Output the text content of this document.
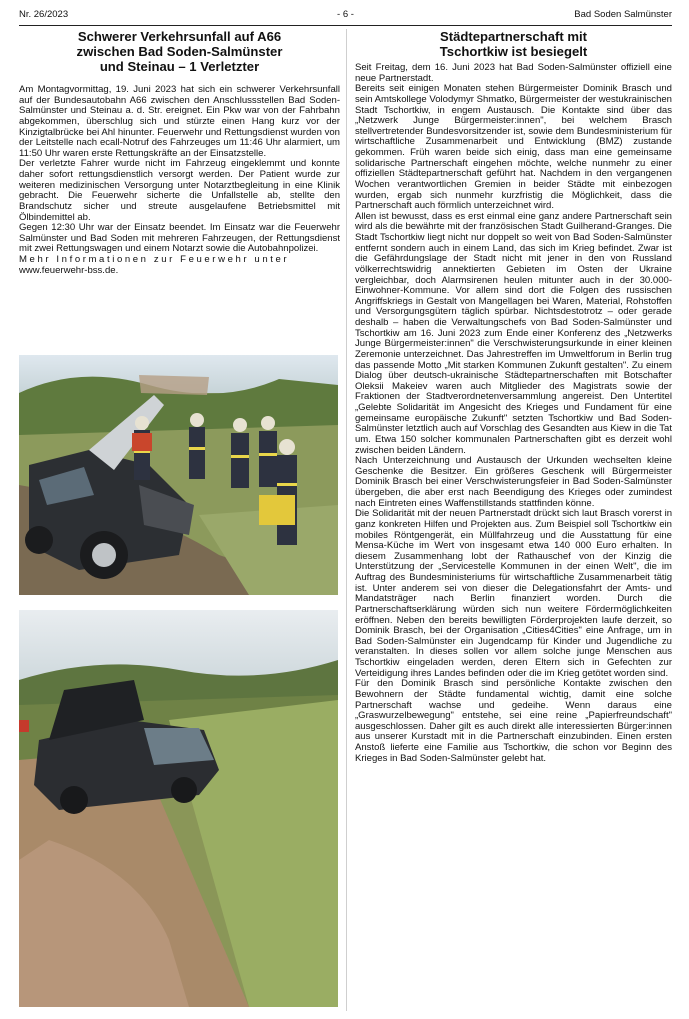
Nr. 26/2023	- 6 -	Bad Soden Salmünster
Schwerer Verkehrsunfall auf A66
zwischen Bad Soden-Salmünster
und Steinau – 1 Verletzter

Am Montagvormittag, 19. Juni 2023 hat sich ein schwerer Verkehrsunfall auf der Bundesautobahn A66 zwischen den Anschlussstellen Bad Soden-Salmünster und Steinau a. d. Str. ereignet. Ein Pkw war von der Fahrbahn abgekommen, überschlug sich und stürzte einen Hang kurz vor der Kinzigtalbrücke bei Ahl hinunter. Feuerwehr und Rettungsdienst wurden von der Leitstelle nach ecall-Notruf des Fahrzeuges um 11:46 Uhr alarmiert, um 11:50 Uhr waren erste Rettungskräfte an der Einsatzstelle.

Der verletzte Fahrer wurde nicht im Fahrzeug eingeklemmt und konnte daher sofort rettungsdienstlich versorgt werden. Der Patient wurde zur weiteren medizinischen Versorgung unter Notarztbegleitung in eine Klinik gebracht. Die Feuerwehr sicherte die Unfallstelle ab, stellte den Brandschutz sicher und streute ausgelaufene Betriebsmittel mit Ölbindemittel ab.

Gegen 12:30 Uhr war der Einsatz beendet. Im Einsatz war die Feuerwehr Salmünster und Bad Soden mit mehreren Fahrzeugen, der Rettungsdienst mit zwei Rettungswagen und einem Notarzt sowie die Autobahnpolizei.

Mehr Informationen zur Feuerwehr unter

www.feuerwehr-bss.de.

Städtepartnerschaft mit
Tschortkiw ist besiegelt

Seit Freitag, dem 16. Juni 2023 hat Bad Soden-Salmünster offiziell eine neue Partnerstadt.

Bereits seit einigen Monaten stehen Bürgermeister Dominik Brasch und sein Amtskollege Volodymyr Shmatko, Bürgermeister der westukrainischen Stadt Tschortkiw, in engem Austausch. Die Kontakte sind über das „Netzwerk Junge Bürgermeister:innen", bei welchem Brasch stellvertretender Bundesvorsitzender ist, sowie dem Bundesministerium für wirtschaftliche Zusammenarbeit und Entwicklung (BMZ) zustande gekommen. Früh waren beide sich einig, dass man eine gemeinsame solidarische Partnerschaft eingehen möchte, welche nunmehr zu einer offiziellen Städtepartnerschaft geführt hat. Nachdem in den vergangenen Wochen verantwortlichen Gremien in beider Städte mit einbezogen wurden, ergab sich nunmehr kurzfristig die Möglichkeit, dass die Partnerschaft auch förmlich unterzeichnet wird.

Allen ist bewusst, dass es erst einmal eine ganz andere Partnerschaft sein wird als die bewährte mit der französischen Stadt Guilherand-Granges. Die Stadt Tschortkiw liegt nicht nur doppelt so weit von Bad Soden-Salmünster entfernt sondern auch in einem Land, das sich im Krieg befindet. Zwar ist die Gefährdungslage der Stadt nicht mit jener in den von Russland völkerrechtswidrig annektierten Gebieten im Osten der Ukraine vergleichbar, doch Alarmsirenen heulen mitunter auch in der 30.000-Einwohner-Kommune. Vor allem sind dort die Folgen des russischen Angriffskriegs in Gestalt von Mangellagen bei Waren, Material, Rohstoffen und Versorgungsgütern täglich spürbar. Nichtsdestotrotz – oder gerade deshalb – haben die Verwaltungschefs von Bad Soden-Salmünster und Tschortkiw am 16. Juni 2023 zum Ende einer Konferenz des „Netzwerks Junge Bürgermeister:innen" die Verschwisterungsurkunde in einer kleinen Zeremonie unterzeichnet. Das Jahrestreffen im Umweltforum in Berlin trug das passende Motto „Mit starken Kommunen Zukunft gestalten". Zu einem Dialog über deutsch-ukrainische Städtepartnerschaften mit Botschafter Oleksii Makeiev waren auch Mitglieder des Magistrats sowie der Fraktionen der Stadtverordnetenversammlung angereist. Den Untertitel „Gelebte Solidarität im Angesicht des Krieges und Fundament für eine gemeinsame europäische Zukunft" setzten Tschortkiw und Bad Soden-Salmünster letztlich auch auf Vorschlag des Gesandten aus Kiew in die Tat um. Etwa 150 solcher kommunalen Partnerschaften gibt es derzeit wohl zwischen beiden Ländern.

Nach Unterzeichnung und Austausch der Urkunden wechselten kleine Geschenke die Besitzer. Ein größeres Geschenk will Bürgermeister Dominik Brasch bei einer Verschwisterungsfeier in Bad Soden-Salmünster übergeben, die aber erst nach Beendigung des Krieges oder zumindest nach Eintreten eines Waffenstillstands stattfinden könne.

Die Solidarität mit der neuen Partnerstadt drückt sich laut Brasch vorerst in ganz konkreten Hilfen und Projekten aus. Zum Beispiel soll Tschortkiw ein mobiles Röntgengerät, ein Müllfahrzeug und die Ausstattung für eine Mensa-Küche im Wert von insgesamt etwa 140 000 Euro erhalten. In diesem Zusammenhang lobt der Rathauschef von der Kinzig die Unterstützung der „Servicestelle Kommunen in der einen Welt", die im Auftrag des Bundesministeriums für wirtschaftliche Zusammenarbeit tätig ist. Unter anderem sei von dieser die Delegationsfahrt der Amts- und Mandatsträger nach Berlin finanziert worden. Durch die Partnerschaftserklärung würden sich nun weitere Fördermöglichkeiten eröffnen. Neben den bereits bewilligten Förderprojekten laufe derzeit, so Dominik Brasch, bei der Organisation „Cities4Cities" eine Anfrage, um in Bad Soden-Salmünster ein Jugendcamp für Kinder und Jugendliche zu veranstalten. In dieses sollen vor allem solche junge Menschen aus Tschortkiw eingeladen werden, deren Eltern sich in Gefechten zur Verteidigung ihres Landes befinden oder die im Krieg getötet worden sind.

Für den Dominik Brasch sind persönliche Kontakte zwischen den Bewohnern der Städte fundamental wichtig, damit eine solche Partnerschaft wachse und gedeihe. Wenn daraus eine „Graswurzelbewegung" entstehe, sei eine reine „Papierfreundschaft" ausgeschlossen. Daher gilt es auch direkt alle interessierten Bürger:innen aus unserer Kurstadt mit in die Partnerschaft einzubinden. Einen ersten Anstoß lieferte eine Familie aus Tschortkiw, die schon vor Beginn des Krieges in Bad Soden-Salmünster gelebt hat.
